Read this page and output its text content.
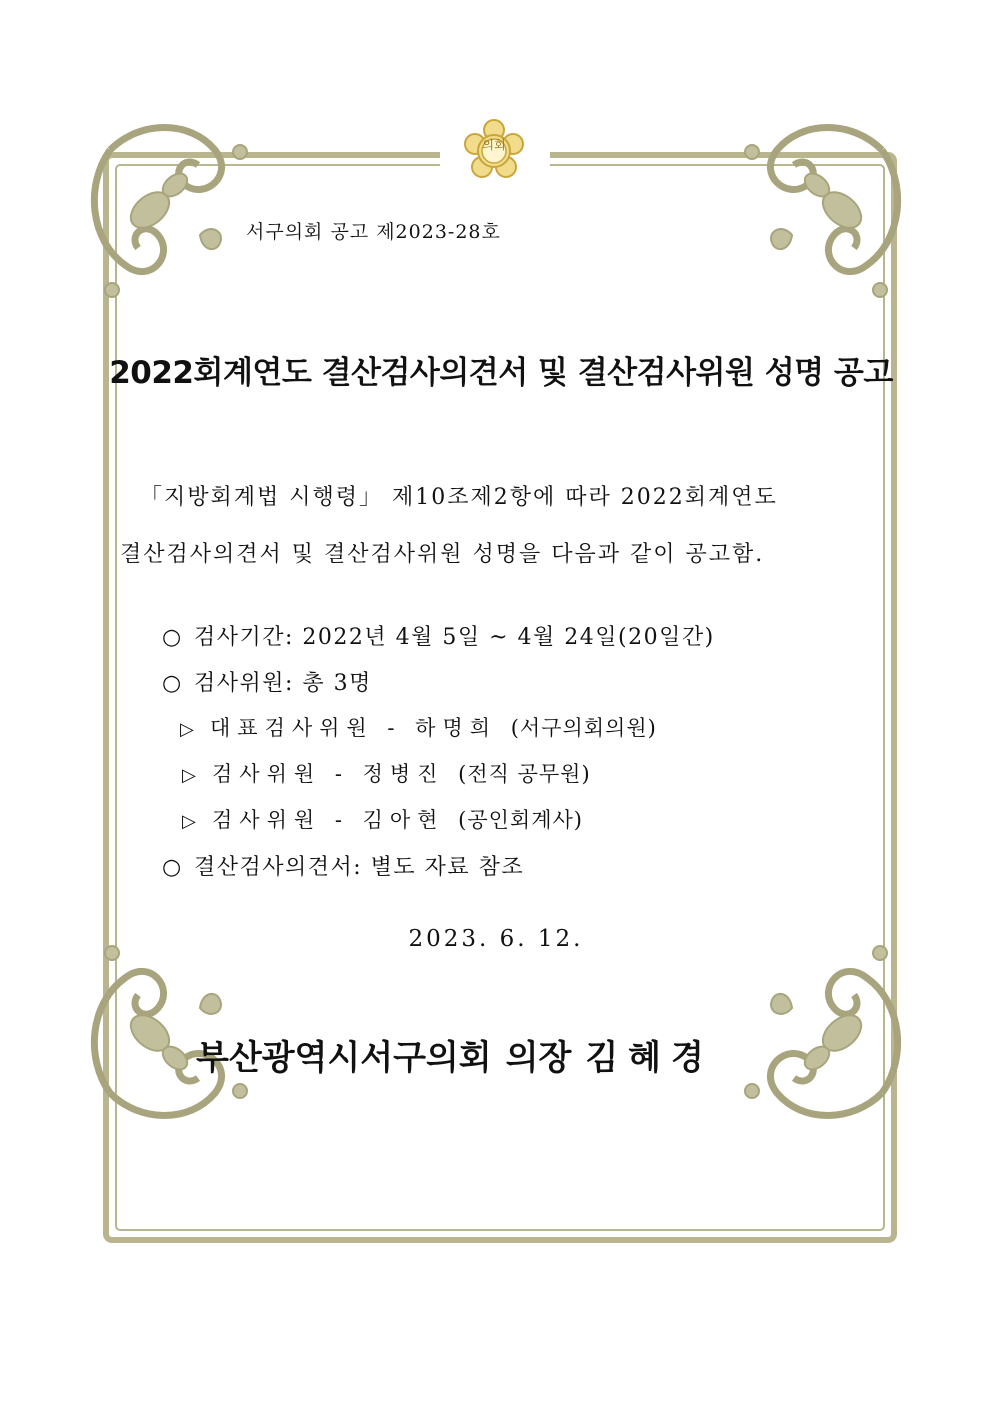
의회
서구의회 공고 제2023-28호
2022회계연도 결산검사의견서 및 결산검사위원 성명 공고
「지방회계법 시행령」 제10조제2항에 따라 2022회계연도
결산검사의견서 및 결산검사위원 성명을 다음과 같이 공고함.
○ 검사기간: 2022년 4월 5일 ~ 4월 24일(20일간)
○ 검사위원: 총 3명
▷ 대표검사위원 - 하명희 (서구의회의원)
▷ 검사위원 - 정병진 (전직 공무원)
▷ 검사위원 - 김아현 (공인회계사)
○ 결산검사의견서: 별도 자료 참조
2023. 6. 12.
부산광역시서구의회 의장 김혜경
